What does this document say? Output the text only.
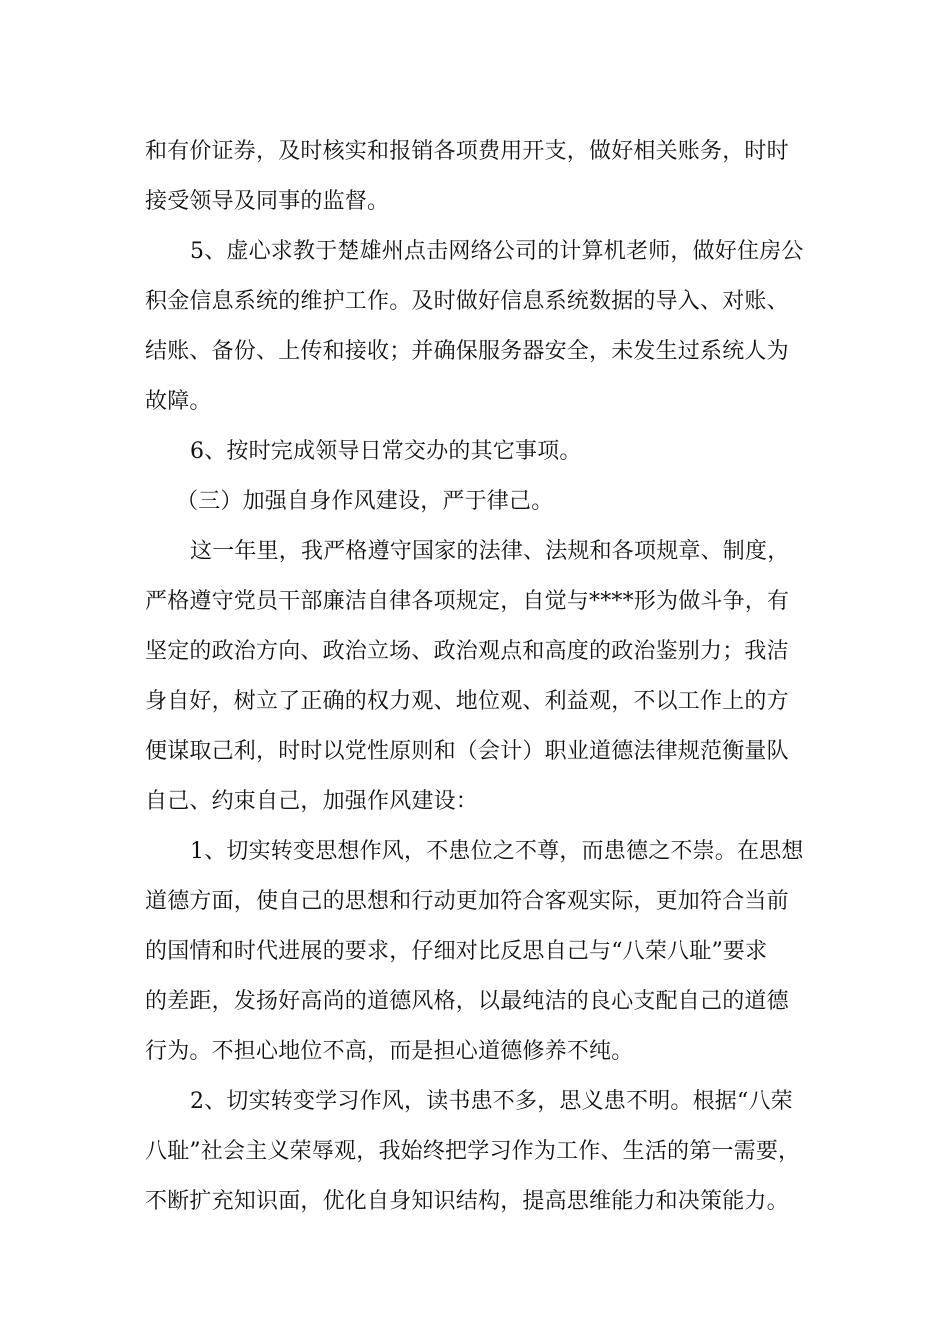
和有价证券，及时核实和报销各项费用开支，做好相关账务，时时
接受领导及同事的监督。
5、虚心求教于楚雄州点击网络公司的计算机老师，做好住房公
积金信息系统的维护工作。及时做好信息系统数据的导入、对账、
结账、备份、上传和接收；并确保服务器安全，未发生过系统人为
故障。
6、按时完成领导日常交办的其它事项。
（三）加强自身作风建设，严于律己。
这一年里，我严格遵守国家的法律、法规和各项规章、制度，
严格遵守党员干部廉洁自律各项规定，自觉与****形为做斗争，有
坚定的政治方向、政治立场、政治观点和高度的政治鉴别力；我洁
身自好，树立了正确的权力观、地位观、利益观，不以工作上的方
便谋取己利，时时以党性原则和（会计）职业道德法律规范衡量队
自己、约束自己，加强作风建设：
1、切实转变思想作风，不患位之不尊，而患德之不崇。在思想
道德方面，使自己的思想和行动更加符合客观实际，更加符合当前
的国情和时代进展的要求，仔细对比反思自己与“八荣八耻”要求
的差距，发扬好高尚的道德风格，以最纯洁的良心支配自己的道德
行为。不担心地位不高，而是担心道德修养不纯。
2、切实转变学习作风，读书患不多，思义患不明。根据“八荣
八耻”社会主义荣辱观，我始终把学习作为工作、生活的第一需要，
不断扩充知识面，优化自身知识结构，提高思维能力和决策能力。
